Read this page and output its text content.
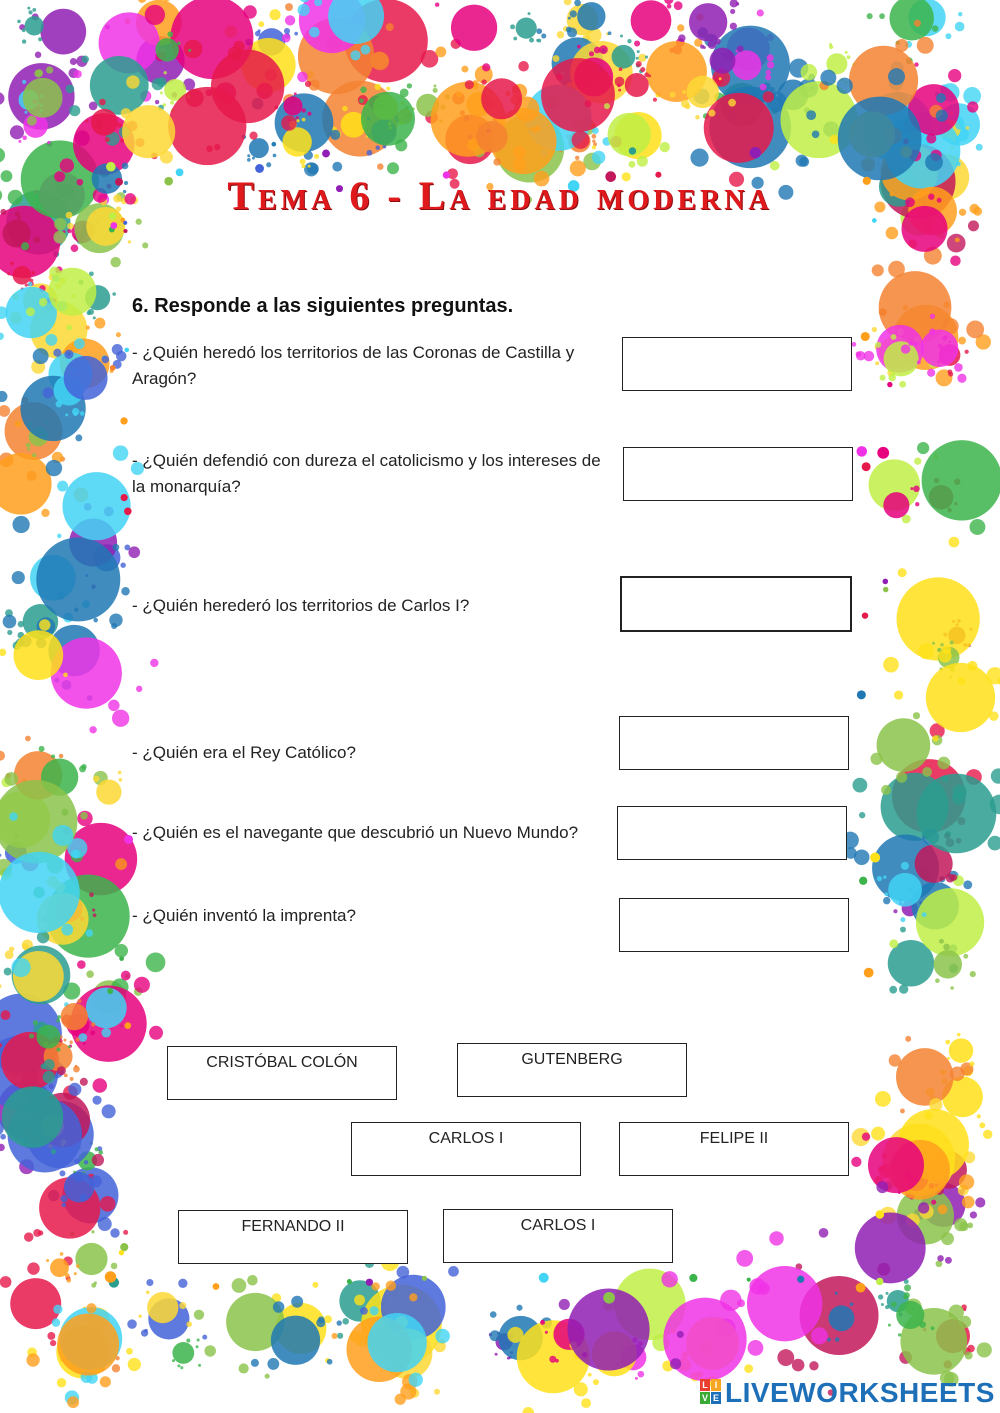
Tema 6 - La edad moderna
6. Responde a las siguientes preguntas.
- ¿Quién heredó los territorios de las Coronas de Castilla y Aragón?
- ¿Quién defendió con dureza el catolicismo y los intereses de la monarquía?
- ¿Quién herederó los territorios de Carlos I?
- ¿Quién era el Rey Católico?
- ¿Quién es el navegante que descubrió un Nuevo Mundo?
- ¿Quién inventó la imprenta?
CRISTÓBAL COLÓN	GUTENBERG
CARLOS I	FELIPE II
FERNANDO II	CARLOS I
L I
V E LIVEWORKSHEETS
